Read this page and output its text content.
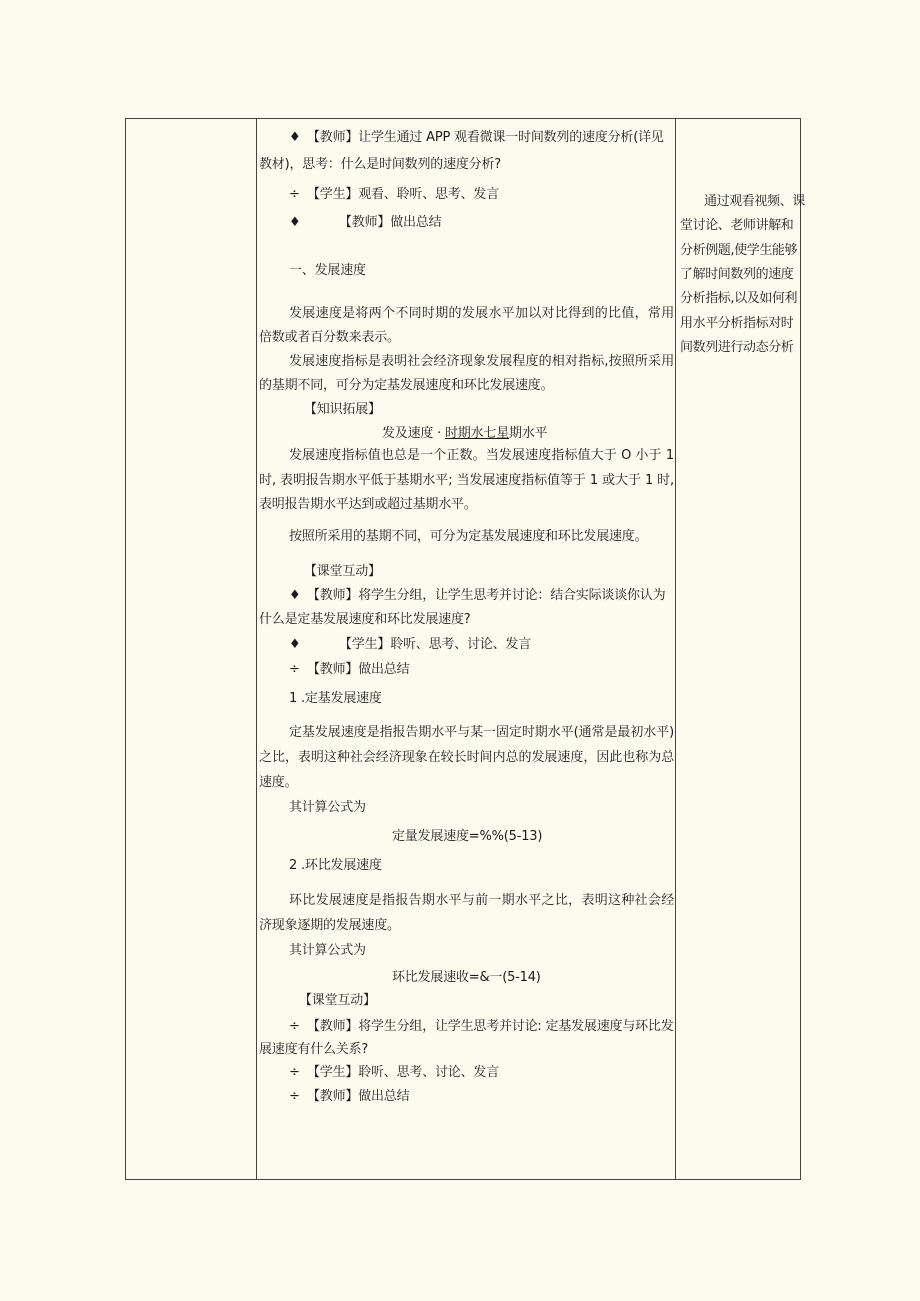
♦ 【教师】让学生通过 APP 观看微课一时间数列的速度分析(详见
教材)，思考：什么是时间数列的速度分析?
÷ 【学生】观看、聆听、思考、发言
♦	【教师】做出总结
一、发展速度
发展速度是将两个不同时期的发展水平加以对比得到的比值，常用
倍数或者百分数来表示。
发展速度指标是表明社会经济现象发展程度的相对指标,按照所采用
的基期不同，可分为定基发展速度和环比发展速度。
【知识拓展】
发及速度 · 时期水七星期水平
发展速度指标值也总是一个正数。当发展速度指标值大于 O 小于 1
时, 表明报告期水平低于基期水平; 当发展速度指标值等于 1 或大于 1 时,
表明报告期水平达到或超过基期水平。
按照所采用的基期不同，可分为定基发展速度和环比发展速度。
【课堂互动】
♦ 【教师】将学生分组，让学生思考并讨论：结合实际谈谈你认为
什么是定基发展速度和环比发展速度?
♦	【学生】聆听、思考、讨论、发言
÷ 【教师】做出总结
1 .定基发展速度
定基发展速度是指报告期水平与某一固定时期水平(通常是最初水平)
之比，表明这种社会经济现象在较长时间内总的发展速度，因此也称为总
速度。
其计算公式为
定量发展速度=%%(5-13)
2 .环比发展速度
环比发展速度是指报告期水平与前一期水平之比，表明这种社会经
济现象逐期的发展速度。
其计算公式为
环比发展速收=&一(5-14)
【课堂互动】
÷ 【教师】将学生分组，让学生思考并讨论: 定基发展速度与环比发
展速度有什么关系?
÷ 【学生】聆听、思考、讨论、发言
÷ 【教师】做出总结
通过观看视频、课
堂讨论、老师讲解和
分析例题,使学生能够
了解时间数列的速度
分析指标,以及如何利
用水平分析指标对时
间数列进行动态分析
